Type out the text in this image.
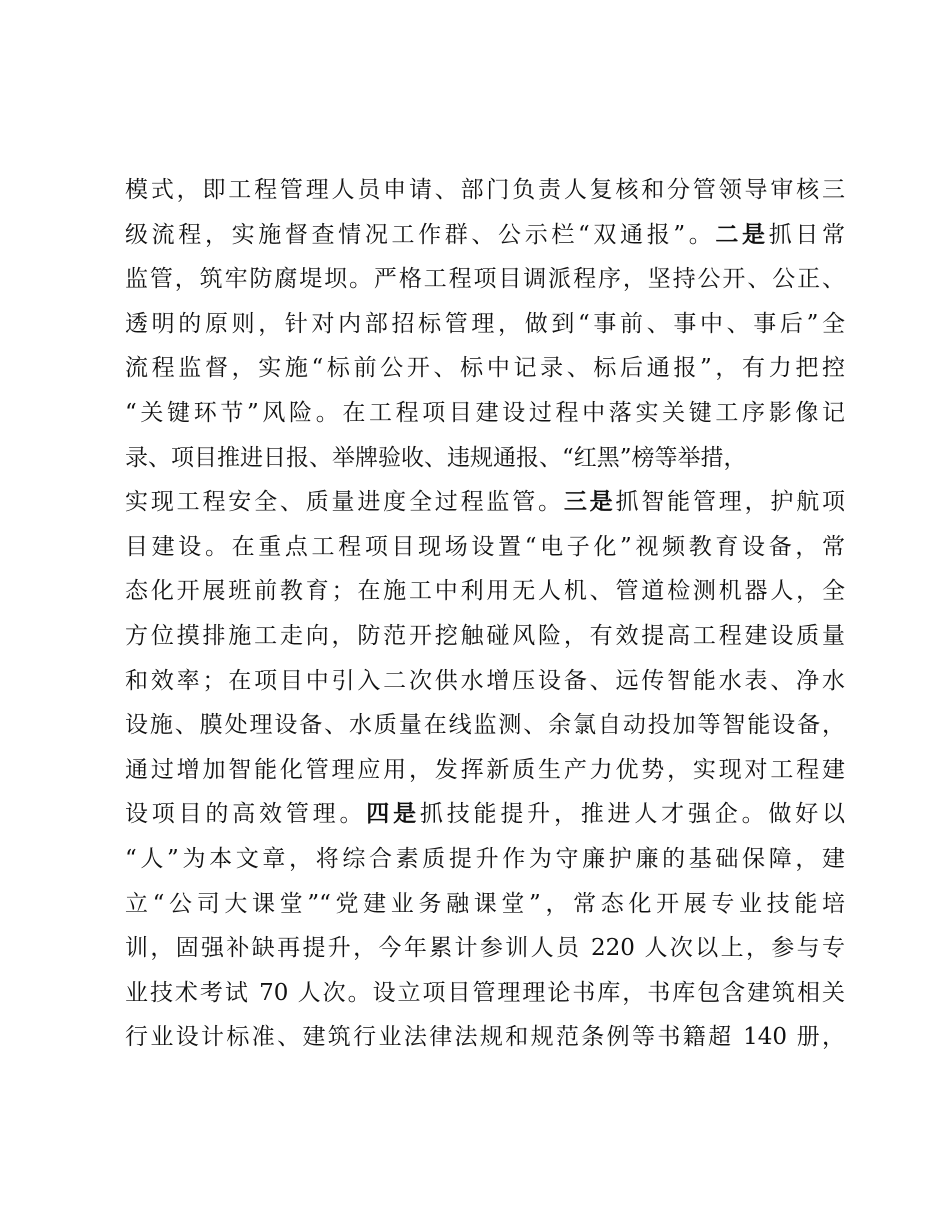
模式，即工程管理人员申请、部门负责人复核和分管领导审核三
级流程，实施督查情况工作群、公示栏“双通报”。二是抓日常
监管，筑牢防腐堤坝。严格工程项目调派程序，坚持公开、公正、
透明的原则，针对内部招标管理，做到“事前、事中、事后”全
流程监督，实施“标前公开、标中记录、标后通报”，有力把控
“关键环节”风险。在工程项目建设过程中落实关键工序影像记
录、项目推进日报、举牌验收、违规通报、“红黑”榜等举措，
实现工程安全、质量进度全过程监管。三是抓智能管理，护航项
目建设。在重点工程项目现场设置“电子化”视频教育设备，常
态化开展班前教育；在施工中利用无人机、管道检测机器人，全
方位摸排施工走向，防范开挖触碰风险，有效提高工程建设质量
和效率；在项目中引入二次供水增压设备、远传智能水表、净水
设施、膜处理设备、水质量在线监测、余氯自动投加等智能设备，
通过增加智能化管理应用，发挥新质生产力优势，实现对工程建
设项目的高效管理。四是抓技能提升，推进人才强企。做好以
“人”为本文章，将综合素质提升作为守廉护廉的基础保障，建
立“公司大课堂”“党建业务融课堂”，常态化开展专业技能培
训，固强补缺再提升，今年累计参训人员 220 人次以上，参与专
业技术考试 70 人次。设立项目管理理论书库，书库包含建筑相关
行业设计标准、建筑行业法律法规和规范条例等书籍超 140 册，
